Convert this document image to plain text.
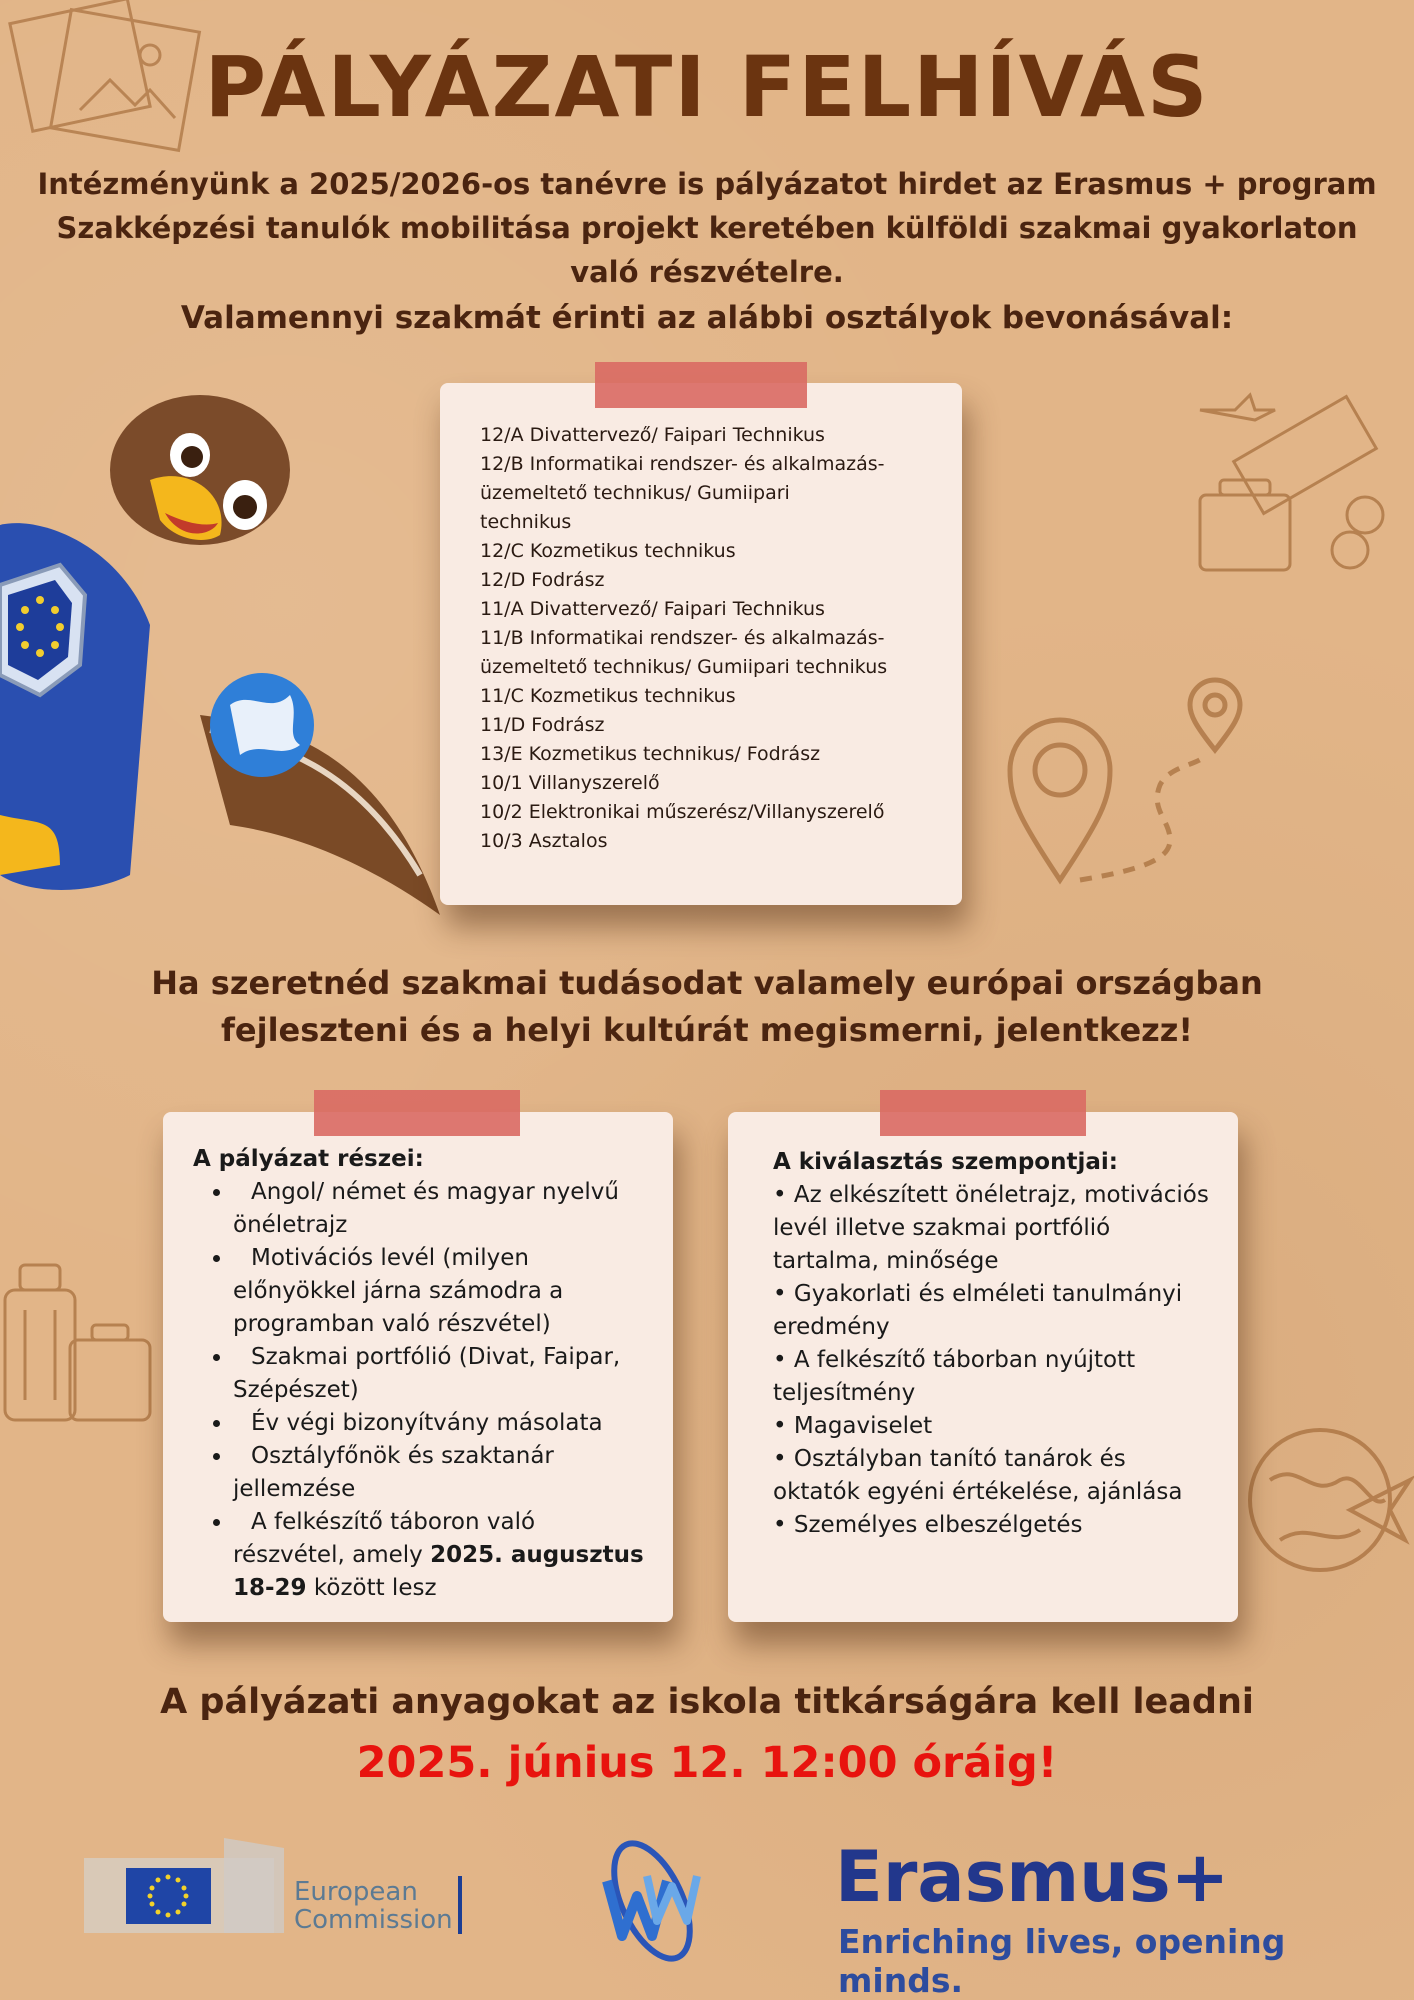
PÁLYÁZATI FELHÍVÁS

Intézményünk a 2025/2026-os tanévre is pályázatot hirdet az Erasmus + program Szakképzési tanulók mobilitása projekt keretében külföldi szakmai gyakorlaton való részvételre.

Valamennyi szakmát érinti az alábbi osztályok bevonásával:

12/A Divattervező/ Faipari Technikus
12/B Informatikai rendszer- és alkalmazás-
üzemeltető technikus/ Gumiipari
technikus
12/C Kozmetikus technikus
12/D Fodrász
11/A Divattervező/ Faipari Technikus
11/B Informatikai rendszer- és alkalmazás-
üzemeltető technikus/ Gumiipari technikus
11/C Kozmetikus technikus
11/D Fodrász
13/E Kozmetikus technikus/ Fodrász
10/1 Villanyszerelő
10/2 Elektronikai műszerész/Villanyszerelő
10/3 Asztalos

Ha szeretnéd szakmai tudásodat valamely európai országban
fejleszteni és a helyi kultúrát megismerni, jelentkezz!

A pályázat részei:

• Angol/ német és magyar nyelvű önéletrajz
• Motivációs levél (milyen előnyökkel járna számodra a programban való részvétel)
• Szakmai portfólió (Divat, Faipar, Szépészet)
• Év végi bizonyítvány másolata
• Osztályfőnök és szaktanár jellemzése
• A felkészítő táboron való részvétel, amely 2025. augusztus 18-29 között lesz

A kiválasztás szempontjai:

• Az elkészített önéletrajz, motivációs levél illetve szakmai portfólió tartalma, minősége
• Gyakorlati és elméleti tanulmányi eredmény
• A felkészítő táborban nyújtott teljesítmény
• Magaviselet
• Osztályban tanító tanárok és oktatók egyéni értékelése, ajánlása
• Személyes elbeszélgetés

A pályázati anyagokat az iskola titkárságára kell leadni

2025. június 12. 12:00 óráig!

European
Commission

Erasmus+

Enriching lives, opening minds.
